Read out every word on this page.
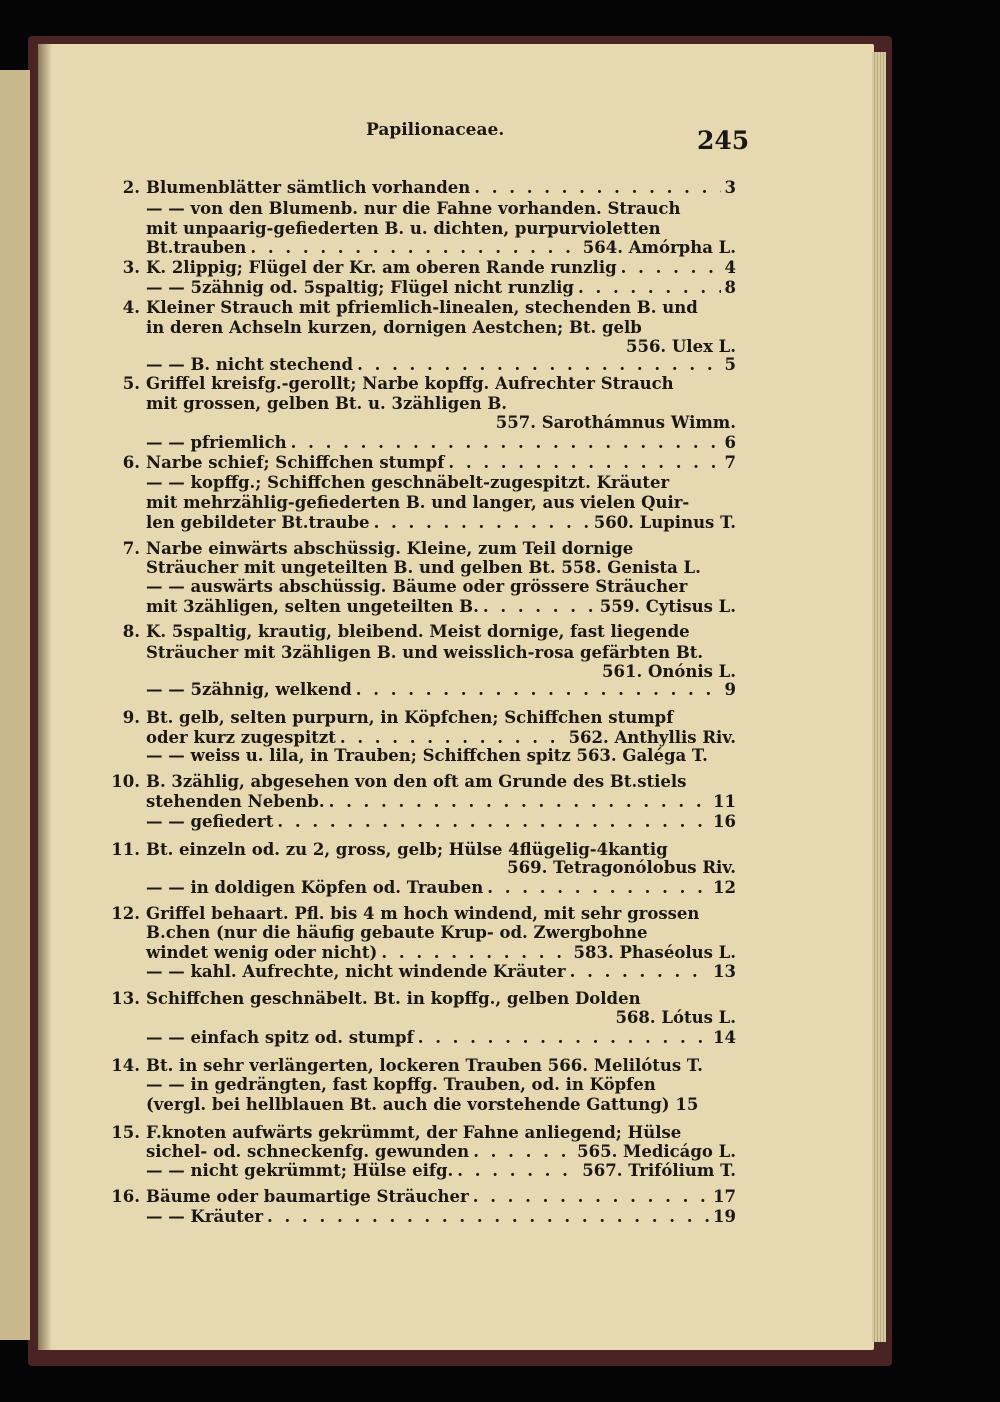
Papilionaceae.	245
2. Blumenblätter sämtlich vorhanden . . .	3
— — von den Blumenb. nur die Fahne vorhanden. Strauch
mit unpaarig-gefiederten B. u. dichten, purpurvioletten
Bt.trauben . . .	564. Amórpha L.
3. K. 2lippig; Flügel der Kr. am oberen Rande runzlig . . .	4
— — 5zähnig od. 5spaltig; Flügel nicht runzlig . . .	8
4. Kleiner Strauch mit pfriemlich-linealen, stechenden B. und
in deren Achseln kurzen, dornigen Aestchen; Bt. gelb
556. Ulex L.
— — B. nicht stechend . . .	5
5. Griffel kreisfg.-gerollt; Narbe kopffg. Aufrechter Strauch
mit grossen, gelben Bt. u. 3zähligen B.
557. Sarothámnus Wimm.
— — pfriemlich . . .	6
6. Narbe schief; Schiffchen stumpf . . .	7
— — kopffg.; Schiffchen geschnäbelt-zugespitzt. Kräuter
mit mehrzählig-gefiederten B. und langer, aus vielen Quir-
len gebildeter Bt.traube . . .	560. Lupinus T.
7. Narbe einwärts abschüssig. Kleine, zum Teil dornige
Sträucher mit ungeteilten B. und gelben Bt. 558. Genista L.
— — auswärts abschüssig. Bäume oder grössere Sträucher
mit 3zähligen, selten ungeteilten B. . . .	559. Cytisus L.
8. K. 5spaltig, krautig, bleibend. Meist dornige, fast liegende
Sträucher mit 3zähligen B. und weisslich-rosa gefärbten Bt.
561. Onónis L.
— — 5zähnig, welkend . . .	9
9. Bt. gelb, selten purpurn, in Köpfchen; Schiffchen stumpf
oder kurz zugespitzt . . .	562. Anthyllis Riv.
— — weiss u. lila, in Trauben; Schiffchen spitz 563. Galéga T.
10. B. 3zählig, abgesehen von den oft am Grunde des Bt.stiels
stehenden Nebenb. . . .	11
— — gefiedert . . .	16
11. Bt. einzeln od. zu 2, gross, gelb; Hülse 4flügelig-4kantig
569. Tetragonólobus Riv.
— — in doldigen Köpfen od. Trauben . . .	12
12. Griffel behaart. Pfl. bis 4 m hoch windend, mit sehr grossen
B.chen (nur die häufig gebaute Krup- od. Zwergbohne
windet wenig oder nicht) . . .	583. Phaséolus L.
— — kahl. Aufrechte, nicht windende Kräuter . . .	13
13. Schiffchen geschnäbelt. Bt. in kopffg., gelben Dolden
568. Lótus L.
— — einfach spitz od. stumpf . . .	14
14. Bt. in sehr verlängerten, lockeren Trauben 566. Melilótus T.
— — in gedrängten, fast kopffg. Trauben, od. in Köpfen
(vergl. bei hellblauen Bt. auch die vorstehende Gattung) 15
15. F.knoten aufwärts gekrümmt, der Fahne anliegend; Hülse
sichel- od. schneckenfg. gewunden . . .	565. Medicágo L.
— — nicht gekrümmt; Hülse eifg. . . .	567. Trifólium T.
16. Bäume oder baumartige Sträucher . . .	17
— — Kräuter . . .	19
